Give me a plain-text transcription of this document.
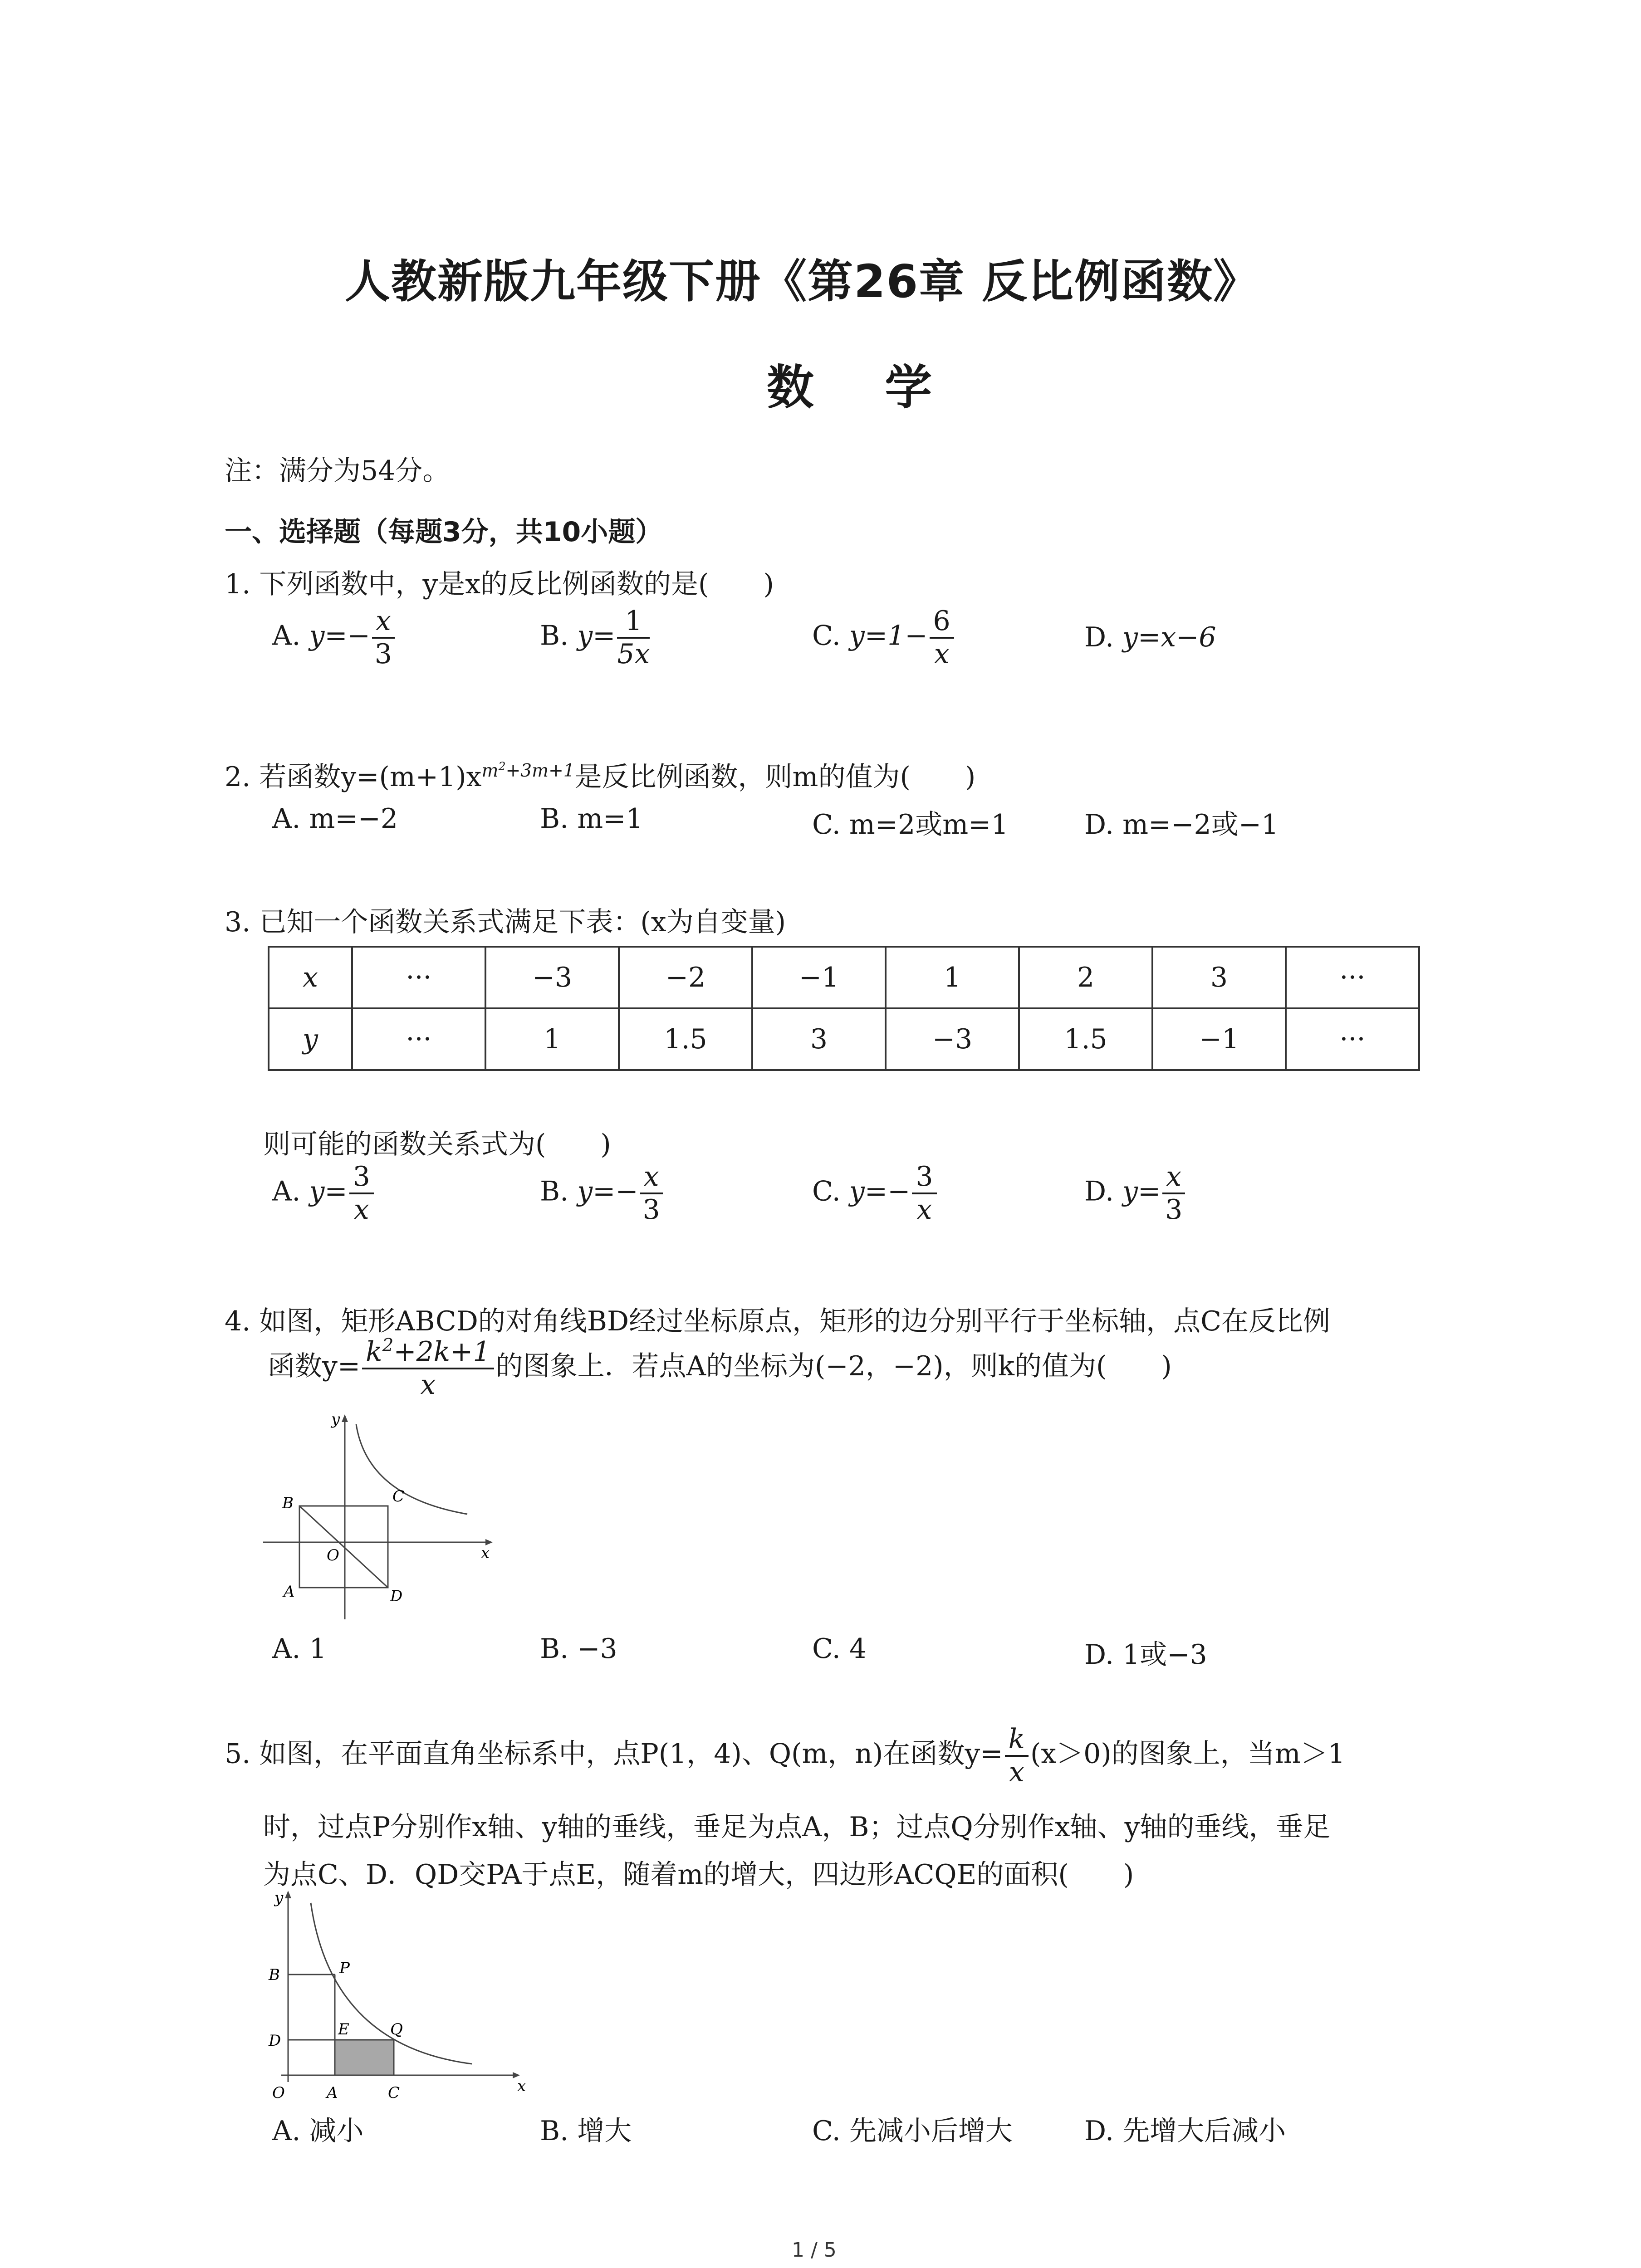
人教新版九年级下册《第26章 反比例函数》
数 学
注：满分为54分。
一、选择题（每题3分，共10小题）
1. 下列函数中，y是x的反比例函数的是(　　)
A. $y=- \frac{x}{3}$	B. $y= \frac{1}{5x}$	C. $y=1- \frac{6}{x}$	D. y=x−6
2. 若函数$y=(m+1)x^{m^2+3m+1}$是反比例函数，则m的值为(　　)
A. m=−2	B. m=1	C. m=2或m=1	D. m=−2或−1
3. 已知一个函数关系式满足下表：(x为自变量)
x	···	−3	−2	−1	1	2	3	···
y	···	1	1.5	3	−3	1.5	−1	···
则可能的函数关系式为(　　)
A. $y= \frac{3}{x}$	B. $y=- \frac{x}{3}$	C. $y=- \frac{3}{x}$	D. $y= \frac{x}{3}$
4. 如图，矩形ABCD的对角线BD经过坐标原点，矩形的边分别平行于坐标轴，点C在反比例
函数$y= \frac{k^2+2k+1}{x}$ 的图象上．若点A的坐标为(−2，−2)，则k的值为(　　)
y
x
B	C
O
A	D
A. 1	B. −3	C. 4	D. 1或−3
5. 如图，在平面直角坐标系中，点P(1，4)、Q(m，n)在函数$y= \frac{k}{x} (x>0)$的图象上，当m＞1
时，过点P分别作x轴、y轴的垂线，垂足为点A，B；过点Q分别作x轴、y轴的垂线，垂足
为点C、D．QD交PA于点E，随着m的增大，四边形ACQE的面积(　　)
y
x
B	P
D
E	Q
O	A	C
A. 减小	B. 增大	C. 先减小后增大	D. 先增大后减小
1 / 5
